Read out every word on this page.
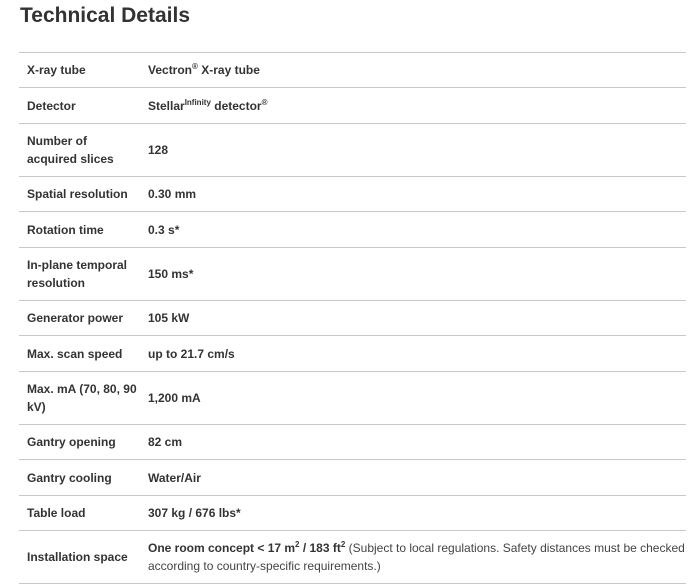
Technical Details
X-ray tube	Vectron® X-ray tube
Detector	Stellar$^{Infinity}$ detector®

Number of acquired slices	128
Spatial resolution	0.30 mm
Rotation time	0.3 s*

In-plane temporal resolution	150 ms*
Generator power	105 kW
Max. scan speed	up to 21.7 cm/s

Max. mA (70, 80, 90 kV)	1,200 mA
Gantry opening	82 cm
Gantry cooling	Water/Air
Table load	307 kg / 676 lbs*
Installation space	One room concept < 17 $m^2 / 183$ $ft^2$ (Subject to local regulations. Safety distances must be checked according to country-specific requirements.)
